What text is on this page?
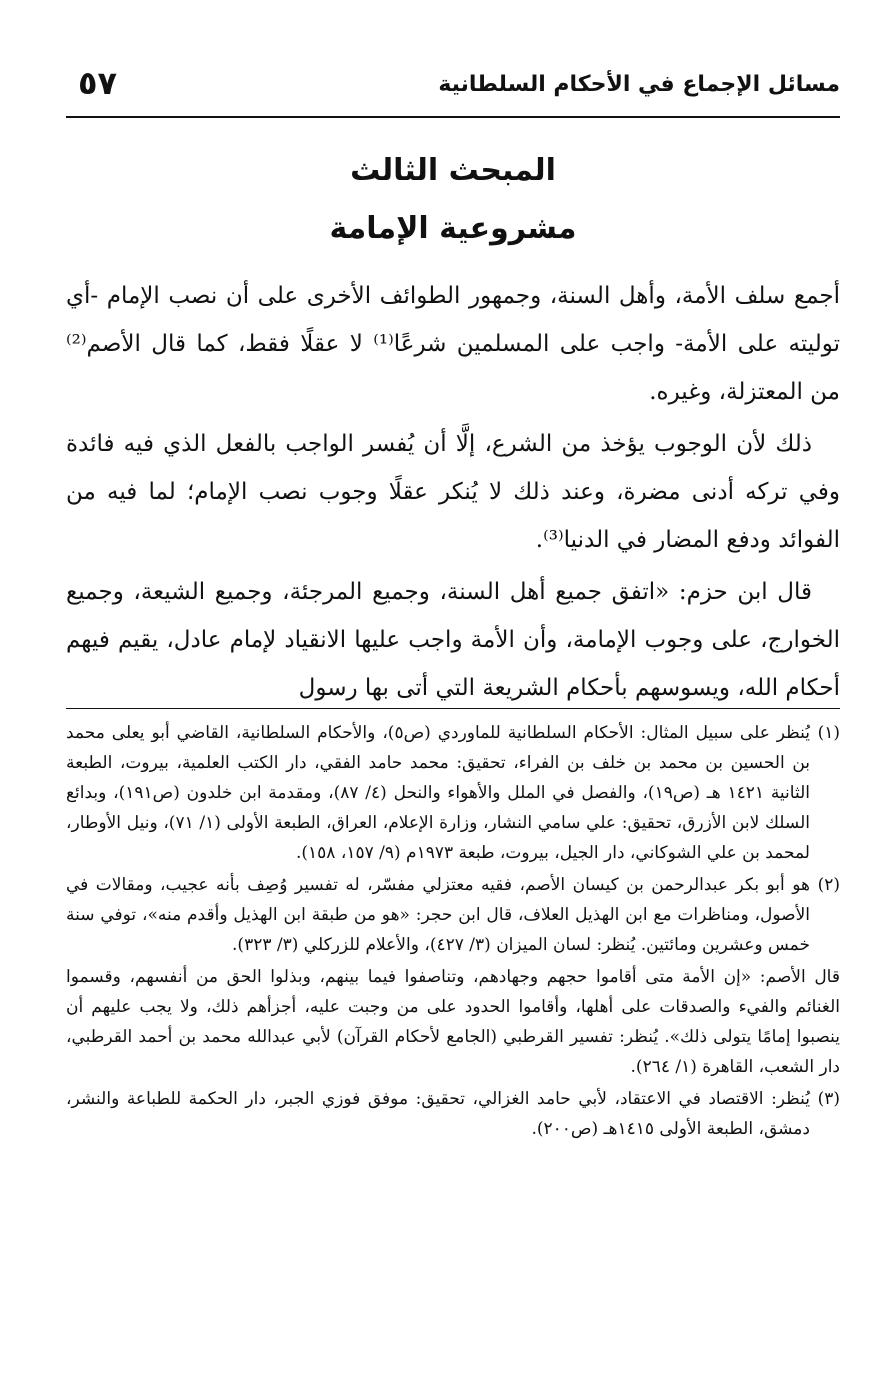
مسائل الإجماع في الأحكام السلطانية
٥٧
المبحث الثالث
مشروعية الإمامة

أجمع سلف الأمة، وأهل السنة، وجمهور الطوائف الأخرى على أن نصب الإمام -أي توليته على الأمة- واجب على المسلمين شرعًا⁽¹⁾ لا عقلًا فقط، كما قال الأصم⁽²⁾ من المعتزلة، وغيره.

ذلك لأن الوجوب يؤخذ من الشرع، إلَّا أن يُفسر الواجب بالفعل الذي فيه فائدة وفي تركه أدنى مضرة، وعند ذلك لا يُنكر عقلًا وجوب نصب الإمام؛ لما فيه من الفوائد ودفع المضار في الدنيا⁽³⁾.

قال ابن حزم: «اتفق جميع أهل السنة، وجميع المرجئة، وجميع الشيعة، وجميع الخوارج، على وجوب الإمامة، وأن الأمة واجب عليها الانقياد لإمام عادل، يقيم فيهم أحكام الله، ويسوسهم بأحكام الشريعة التي أتى بها رسول

(١)
يُنظر على سبيل المثال: الأحكام السلطانية للماوردي (ص٥)، والأحكام السلطانية، القاضي أبو يعلى محمد بن الحسين بن محمد بن خلف بن الفراء، تحقيق: محمد حامد الفقي، دار الكتب العلمية، بيروت، الطبعة الثانية ١٤٢١ هـ (ص١٩)، والفصل في الملل والأهواء والنحل (٤/ ٨٧)، ومقدمة ابن خلدون (ص١٩١)، وبدائع السلك لابن الأزرق، تحقيق: علي سامي النشار، وزارة الإعلام، العراق، الطبعة الأولى (١/ ٧١)، ونيل الأوطار، لمحمد بن علي الشوكاني، دار الجيل، بيروت، طبعة ١٩٧٣م (٩/ ١٥٧، ١٥٨).
(٢)
هو أبو بكر عبدالرحمن بن كيسان الأصم، فقيه معتزلي مفسّر، له تفسير وُصِف بأنه عجيب، ومقالات في الأصول، ومناظرات مع ابن الهذيل العلاف، قال ابن حجر: «هو من طبقة ابن الهذيل وأقدم منه»، توفي سنة خمس وعشرين ومائتين. يُنظر: لسان الميزان (٣/ ٤٢٧)، والأعلام للزركلي (٣/ ٣٢٣).
قال الأصم: «إن الأمة متى أقاموا حجهم وجهادهم، وتناصفوا فيما بينهم، وبذلوا الحق من أنفسهم، وقسموا الغنائم والفيء والصدقات على أهلها، وأقاموا الحدود على من وجبت عليه، أجزأهم ذلك، ولا يجب عليهم أن ينصبوا إمامًا يتولى ذلك». يُنظر: تفسير القرطبي (الجامع لأحكام القرآن) لأبي عبدالله محمد بن أحمد القرطبي، دار الشعب، القاهرة (١/ ٢٦٤).
(٣)
يُنظر: الاقتصاد في الاعتقاد، لأبي حامد الغزالي، تحقيق: موفق فوزي الجبر، دار الحكمة للطباعة والنشر، دمشق، الطبعة الأولى ١٤١٥هـ (ص٢٠٠).
